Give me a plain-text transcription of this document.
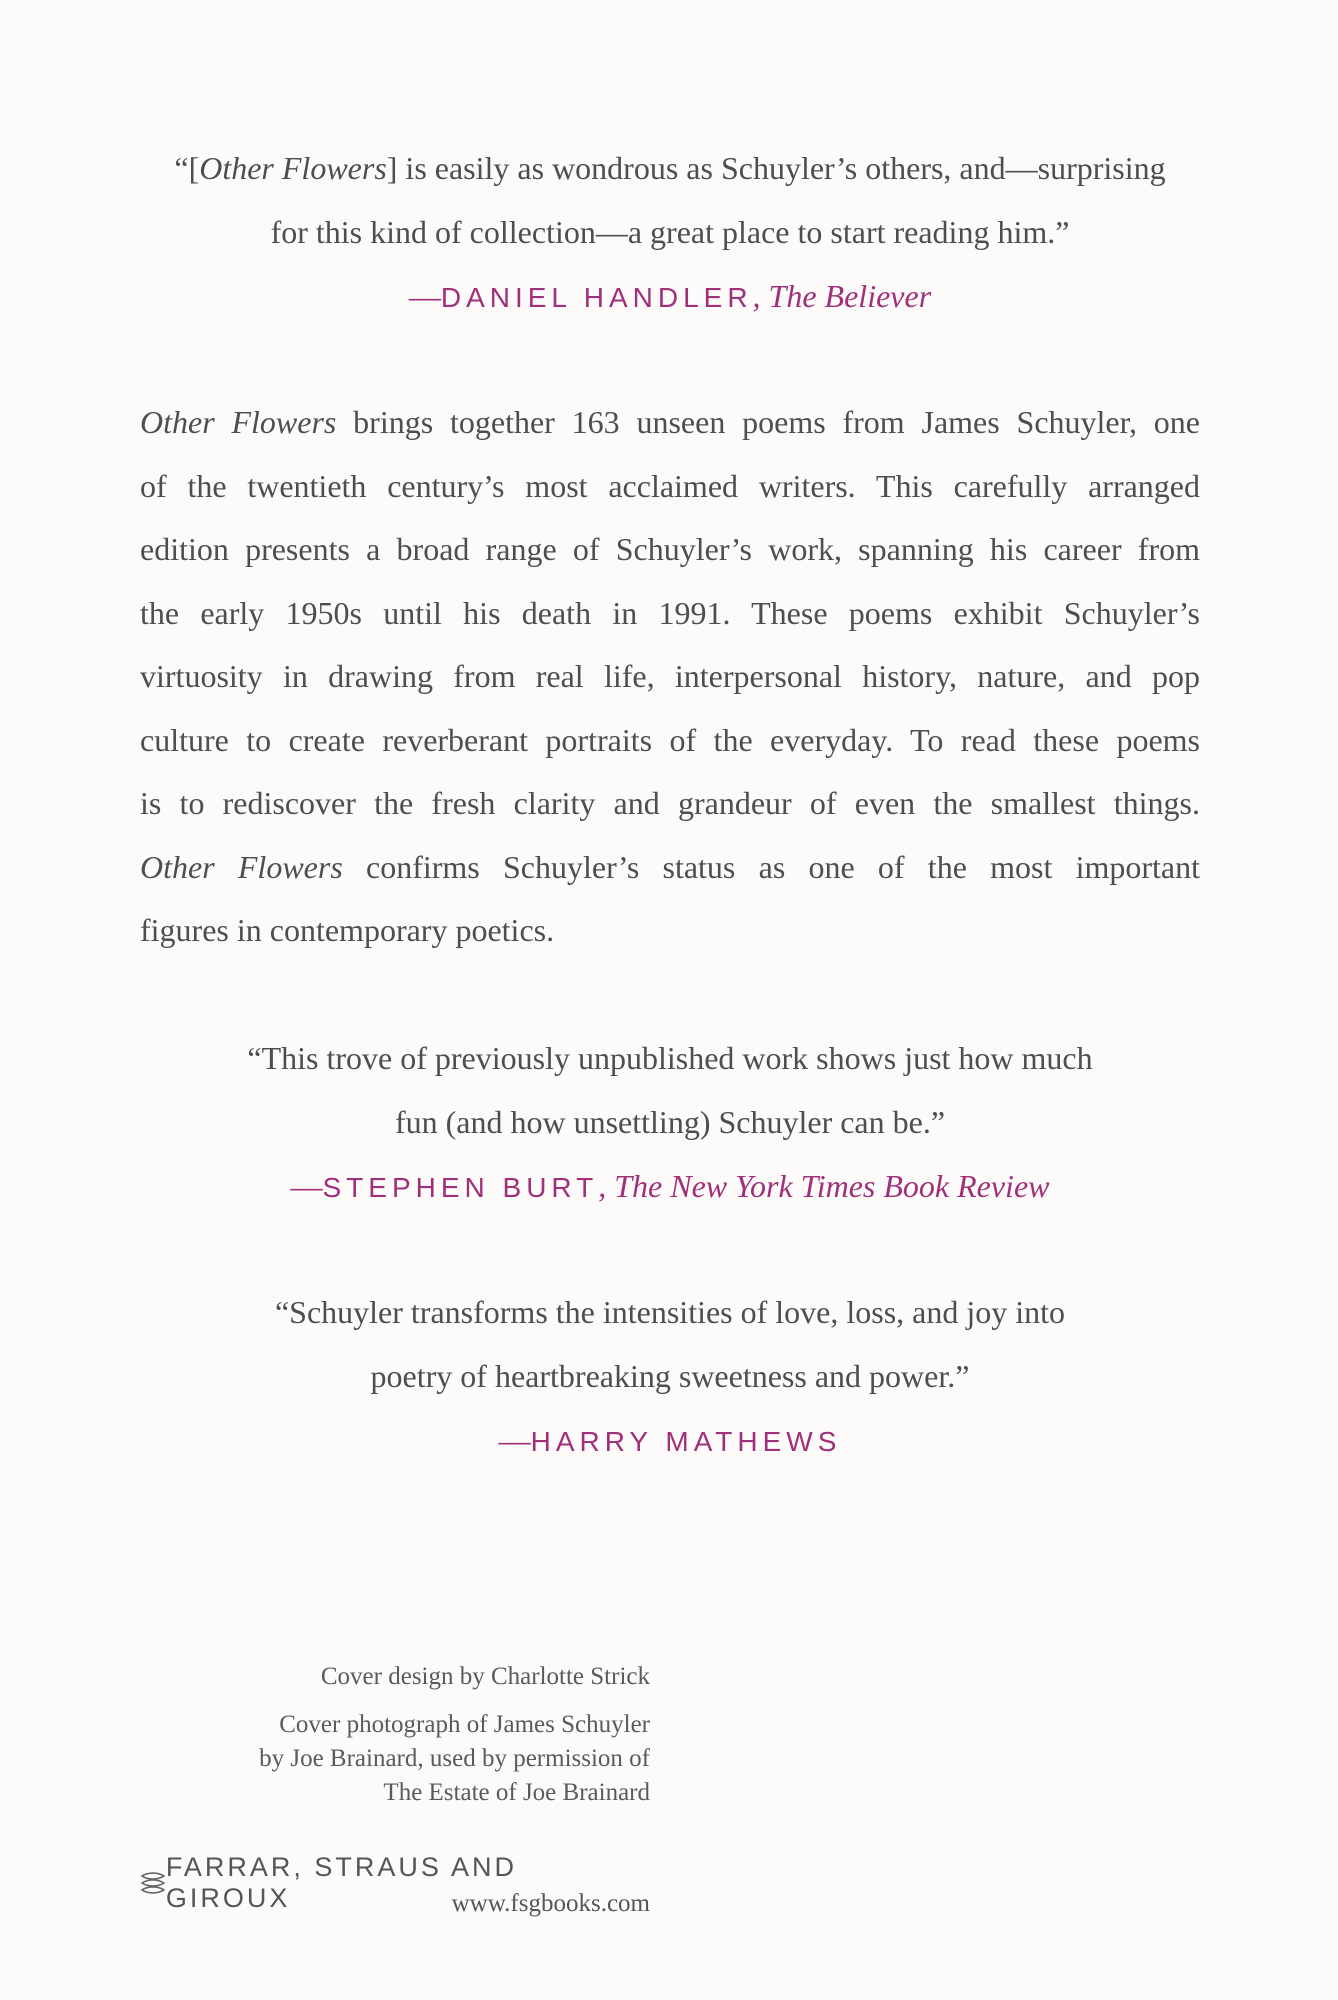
“[Other Flowers] is easily as wondrous as Schuyler’s others, and—surprising
for this kind of collection—a great place to start reading him.”
—DANIEL HANDLER, The Believer
Other Flowers brings together 163 unseen poems from James Schuyler, one
of the twentieth century’s most acclaimed writers. This carefully arranged
edition presents a broad range of Schuyler’s work, spanning his career from
the early 1950s until his death in 1991. These poems exhibit Schuyler’s
virtuosity in drawing from real life, interpersonal history, nature, and pop
culture to create reverberant portraits of the everyday. To read these poems
is to rediscover the fresh clarity and grandeur of even the smallest things.
Other Flowers confirms Schuyler’s status as one of the most important
figures in contemporary poetics.
“This trove of previously unpublished work shows just how much
fun (and how unsettling) Schuyler can be.”
—STEPHEN BURT, The New York Times Book Review
“Schuyler transforms the intensities of love, loss, and joy into
poetry of heartbreaking sweetness and power.”
—HARRY MATHEWS
Cover design by Charlotte Strick
Cover photograph of James Schuyler
by Joe Brainard, used by permission of
The Estate of Joe Brainard
FARRAR, STRAUS AND GIROUX	www.fsgbooks.com
